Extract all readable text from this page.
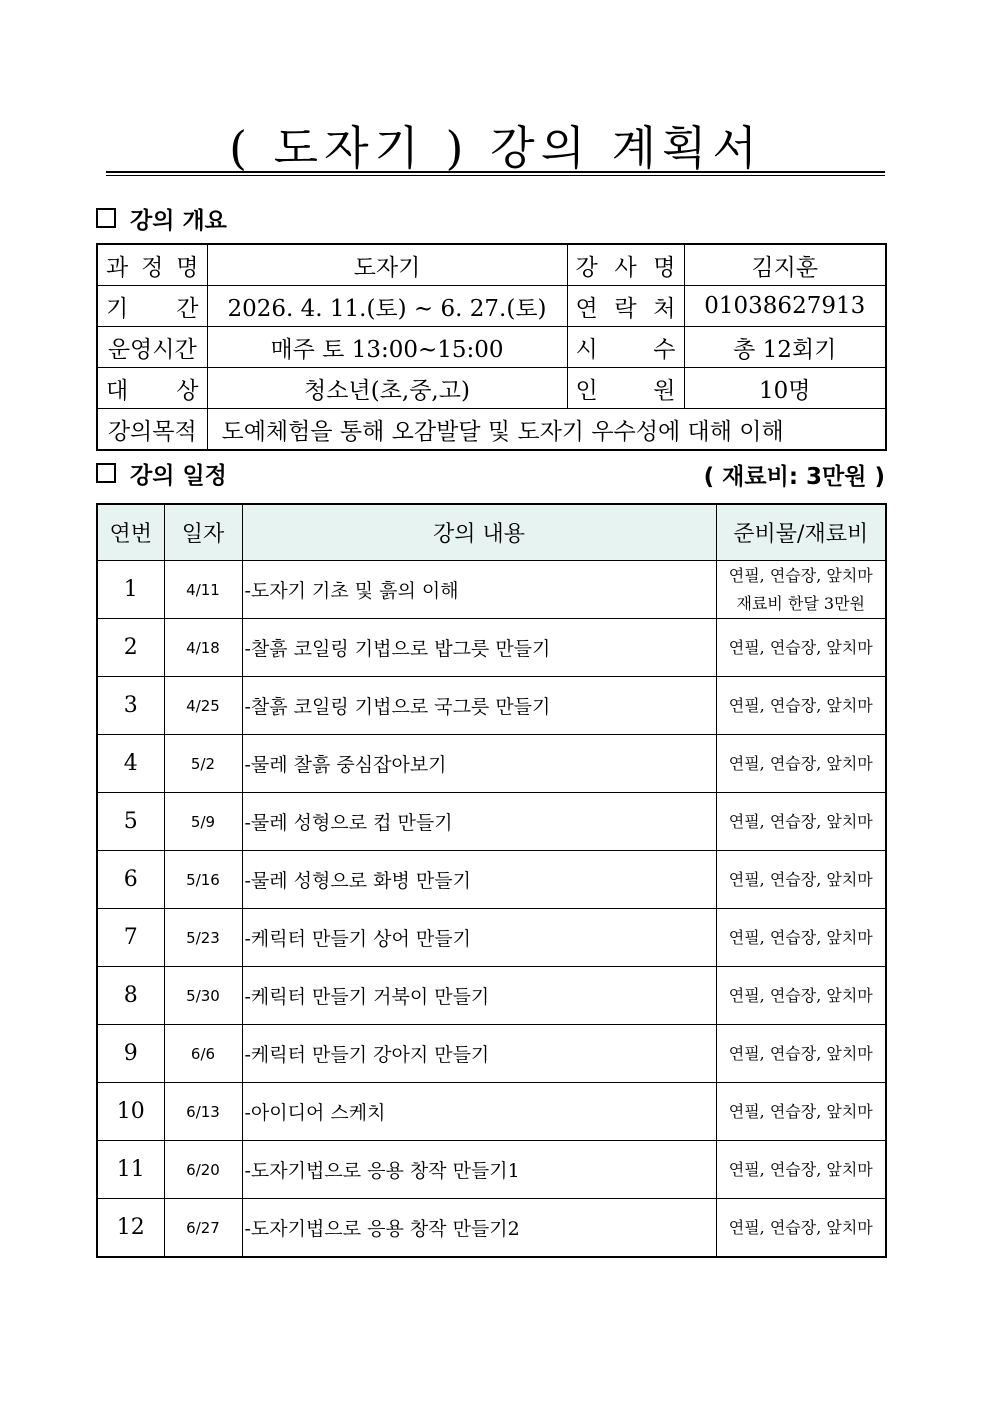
( 도자기 ) 강의 계획서
강의 개요
과 정 명	도자기	강 사 명	김지훈

기 간	2026. 4. 11.(토) ~ 6. 27.(토)	연 락 처	01038627913
운영시간	매주 토 13:00~15:00	시 수	총 12회기

대 상	청소년(초,중,고)	인 원	10명
강의목적	도예체험을 통해 오감발달 및 도자기 우수성에 대해 이해		
강의 일정	( 재료비: 3만원 )
연번	일자	강의 내용	준비물/재료비
1	4/11	-도자기 기초 및 흙의 이해	연필, 연습장, 앞치마
재료비 한달 3만원

2	4/18	-찰흙 코일링 기법으로 밥그릇 만들기	연필, 연습장, 앞치마

3	4/25	-찰흙 코일링 기법으로 국그릇 만들기	연필, 연습장, 앞치마

4	5/2	-물레 찰흙 중심잡아보기	연필, 연습장, 앞치마

5	5/9	-물레 성형으로 컵 만들기	연필, 연습장, 앞치마

6	5/16	-물레 성형으로 화병 만들기	연필, 연습장, 앞치마

7	5/23	-케릭터 만들기 상어 만들기	연필, 연습장, 앞치마

8	5/30	-케릭터 만들기 거북이 만들기	연필, 연습장, 앞치마

9	6/6	-케릭터 만들기 강아지 만들기	연필, 연습장, 앞치마

10	6/13	-아이디어 스케치	연필, 연습장, 앞치마

11	6/20	-도자기법으로 응용 창작 만들기1	연필, 연습장, 앞치마

12	6/27	-도자기법으로 응용 창작 만들기2	연필, 연습장, 앞치마
